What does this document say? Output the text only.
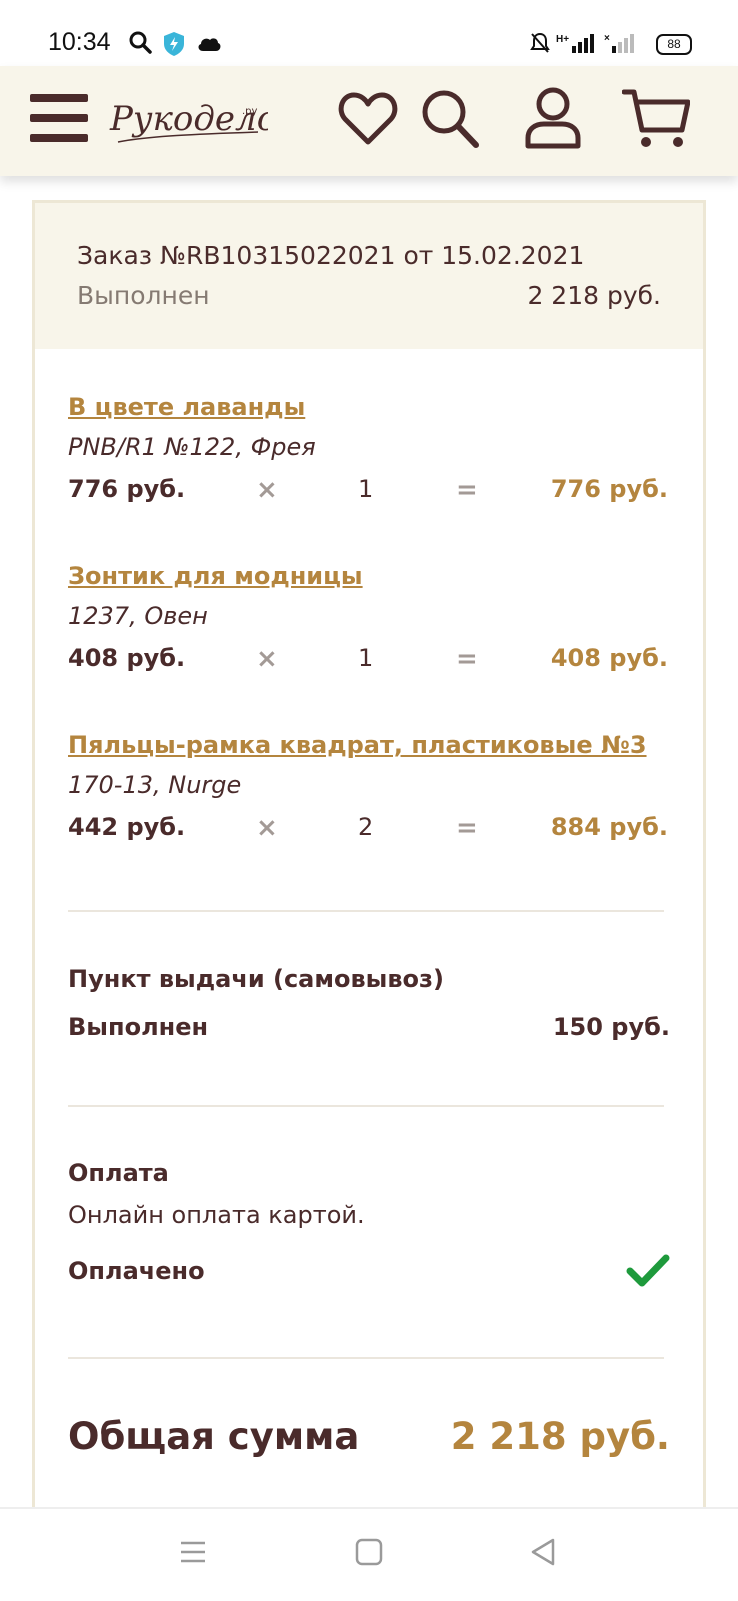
10:34	H+	×	88
Рукодел
.ру
Заказ №RB10315022021 от 15.02.2021
Выполнен	2 218 руб.
В цвете лаванды
PNB/R1 №122, Фрея
776 руб.	×	1	=	776 руб.
Зонтик для модницы
1237, Овен
408 руб.	×	1	=	408 руб.
Пяльцы-рамка квадрат, пластиковые №3
170-13, Nurge
442 руб.	×	2	=	884 руб.
Пункт выдачи (самовывоз)
Выполнен	150 руб.
Оплата
Онлайн оплата картой.
Оплачено
Общая сумма 2 218 руб.
